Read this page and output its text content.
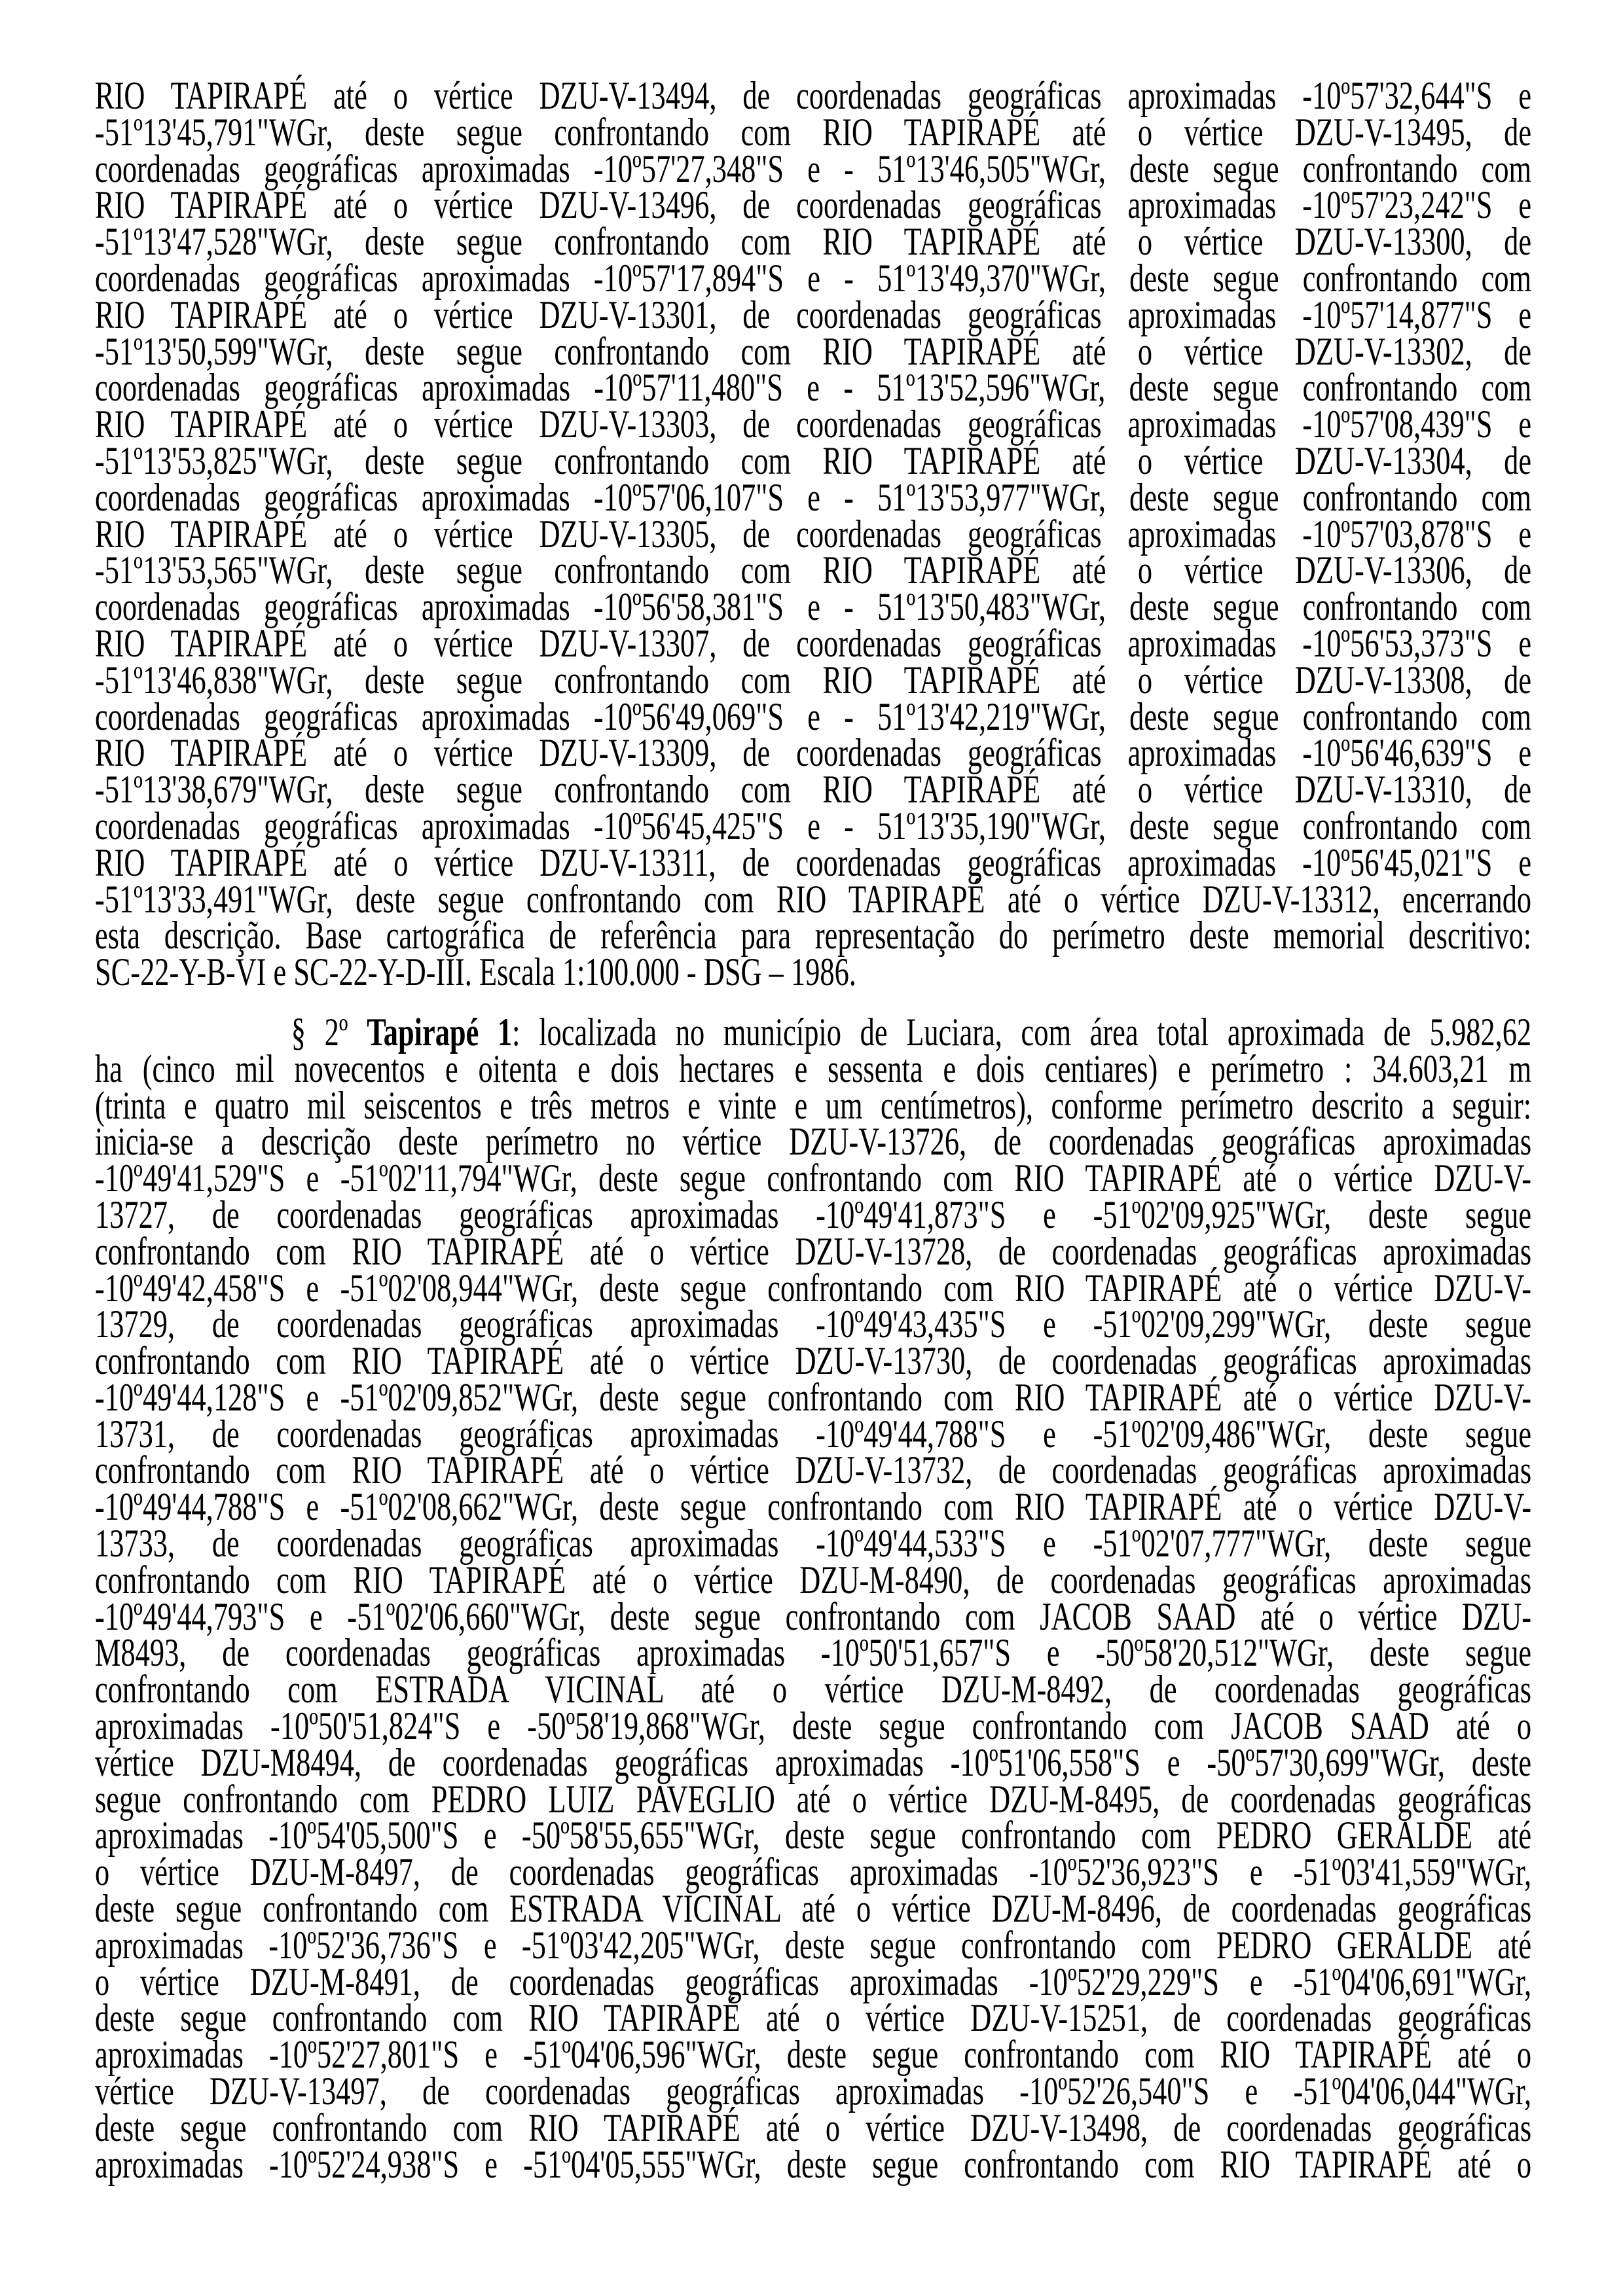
RIO TAPIRAPÉ até o vértice DZU-V-13494, de coordenadas geográficas aproximadas -10º57'32,644"S e
-51º13'45,791"WGr, deste segue confrontando com RIO TAPIRAPÉ até o vértice DZU-V-13495, de
coordenadas geográficas aproximadas -10º57'27,348"S e - 51º13'46,505"WGr, deste segue confrontando com
RIO TAPIRAPÉ até o vértice DZU-V-13496, de coordenadas geográficas aproximadas -10º57'23,242"S e
-51º13'47,528"WGr, deste segue confrontando com RIO TAPIRAPÉ até o vértice DZU-V-13300, de
coordenadas geográficas aproximadas -10º57'17,894"S e - 51º13'49,370"WGr, deste segue confrontando com
RIO TAPIRAPÉ até o vértice DZU-V-13301, de coordenadas geográficas aproximadas -10º57'14,877"S e
-51º13'50,599"WGr, deste segue confrontando com RIO TAPIRAPÉ até o vértice DZU-V-13302, de
coordenadas geográficas aproximadas -10º57'11,480"S e - 51º13'52,596"WGr, deste segue confrontando com
RIO TAPIRAPÉ até o vértice DZU-V-13303, de coordenadas geográficas aproximadas -10º57'08,439"S e
-51º13'53,825"WGr, deste segue confrontando com RIO TAPIRAPÉ até o vértice DZU-V-13304, de
coordenadas geográficas aproximadas -10º57'06,107"S e - 51º13'53,977"WGr, deste segue confrontando com
RIO TAPIRAPÉ até o vértice DZU-V-13305, de coordenadas geográficas aproximadas -10º57'03,878"S e
-51º13'53,565"WGr, deste segue confrontando com RIO TAPIRAPÉ até o vértice DZU-V-13306, de
coordenadas geográficas aproximadas -10º56'58,381"S e - 51º13'50,483"WGr, deste segue confrontando com
RIO TAPIRAPÉ até o vértice DZU-V-13307, de coordenadas geográficas aproximadas -10º56'53,373"S e
-51º13'46,838"WGr, deste segue confrontando com RIO TAPIRAPÉ até o vértice DZU-V-13308, de
coordenadas geográficas aproximadas -10º56'49,069"S e - 51º13'42,219"WGr, deste segue confrontando com
RIO TAPIRAPÉ até o vértice DZU-V-13309, de coordenadas geográficas aproximadas -10º56'46,639"S e
-51º13'38,679"WGr, deste segue confrontando com RIO TAPIRAPÉ até o vértice DZU-V-13310, de
coordenadas geográficas aproximadas -10º56'45,425"S e - 51º13'35,190"WGr, deste segue confrontando com
RIO TAPIRAPÉ até o vértice DZU-V-13311, de coordenadas geográficas aproximadas -10º56'45,021"S e
-51º13'33,491"WGr, deste segue confrontando com RIO TAPIRAPÉ até o vértice DZU-V-13312, encerrando
esta descrição. Base cartográfica de referência para representação do perímetro deste memorial descritivo:
SC-22-Y-B-VI e SC-22-Y-D-III. Escala 1:100.000 - DSG – 1986.
§ 2º Tapirapé 1: localizada no município de Luciara, com área total aproximada de 5.982,62
ha (cinco mil novecentos e oitenta e dois hectares e sessenta e dois centiares) e perímetro : 34.603,21 m
(trinta e quatro mil seiscentos e três metros e vinte e um centímetros), conforme perímetro descrito a seguir:
inicia-se a descrição deste perímetro no vértice DZU-V-13726, de coordenadas geográficas aproximadas
-10º49'41,529"S e -51º02'11,794"WGr, deste segue confrontando com RIO TAPIRAPÉ até o vértice DZU-V-
13727, de coordenadas geográficas aproximadas -10º49'41,873"S e -51º02'09,925"WGr, deste segue
confrontando com RIO TAPIRAPÉ até o vértice DZU-V-13728, de coordenadas geográficas aproximadas
-10º49'42,458"S e -51º02'08,944"WGr, deste segue confrontando com RIO TAPIRAPÉ até o vértice DZU-V-
13729, de coordenadas geográficas aproximadas -10º49'43,435"S e -51º02'09,299"WGr, deste segue
confrontando com RIO TAPIRAPÉ até o vértice DZU-V-13730, de coordenadas geográficas aproximadas
-10º49'44,128"S e -51º02'09,852"WGr, deste segue confrontando com RIO TAPIRAPÉ até o vértice DZU-V-
13731, de coordenadas geográficas aproximadas -10º49'44,788"S e -51º02'09,486"WGr, deste segue
confrontando com RIO TAPIRAPÉ até o vértice DZU-V-13732, de coordenadas geográficas aproximadas
-10º49'44,788"S e -51º02'08,662"WGr, deste segue confrontando com RIO TAPIRAPÉ até o vértice DZU-V-
13733, de coordenadas geográficas aproximadas -10º49'44,533"S e -51º02'07,777"WGr, deste segue
confrontando com RIO TAPIRAPÉ até o vértice DZU-M-8490, de coordenadas geográficas aproximadas
-10º49'44,793"S e -51º02'06,660"WGr, deste segue confrontando com JACOB SAAD até o vértice DZU-
M8493, de coordenadas geográficas aproximadas -10º50'51,657"S e -50º58'20,512"WGr, deste segue
confrontando com ESTRADA VICINAL até o vértice DZU-M-8492, de coordenadas geográficas
aproximadas -10º50'51,824"S e -50º58'19,868"WGr, deste segue confrontando com JACOB SAAD até o
vértice DZU-M8494, de coordenadas geográficas aproximadas -10º51'06,558"S e -50º57'30,699"WGr, deste
segue confrontando com PEDRO LUIZ PAVEGLIO até o vértice DZU-M-8495, de coordenadas geográficas
aproximadas -10º54'05,500"S e -50º58'55,655"WGr, deste segue confrontando com PEDRO GERALDE até
o vértice DZU-M-8497, de coordenadas geográficas aproximadas -10º52'36,923"S e -51º03'41,559"WGr,
deste segue confrontando com ESTRADA VICINAL até o vértice DZU-M-8496, de coordenadas geográficas
aproximadas -10º52'36,736"S e -51º03'42,205"WGr, deste segue confrontando com PEDRO GERALDE até
o vértice DZU-M-8491, de coordenadas geográficas aproximadas -10º52'29,229"S e -51º04'06,691"WGr,
deste segue confrontando com RIO TAPIRAPÉ até o vértice DZU-V-15251, de coordenadas geográficas
aproximadas -10º52'27,801"S e -51º04'06,596"WGr, deste segue confrontando com RIO TAPIRAPÉ até o
vértice DZU-V-13497, de coordenadas geográficas aproximadas -10º52'26,540"S e -51º04'06,044"WGr,
deste segue confrontando com RIO TAPIRAPÉ até o vértice DZU-V-13498, de coordenadas geográficas
aproximadas -10º52'24,938"S e -51º04'05,555"WGr, deste segue confrontando com RIO TAPIRAPÉ até o
